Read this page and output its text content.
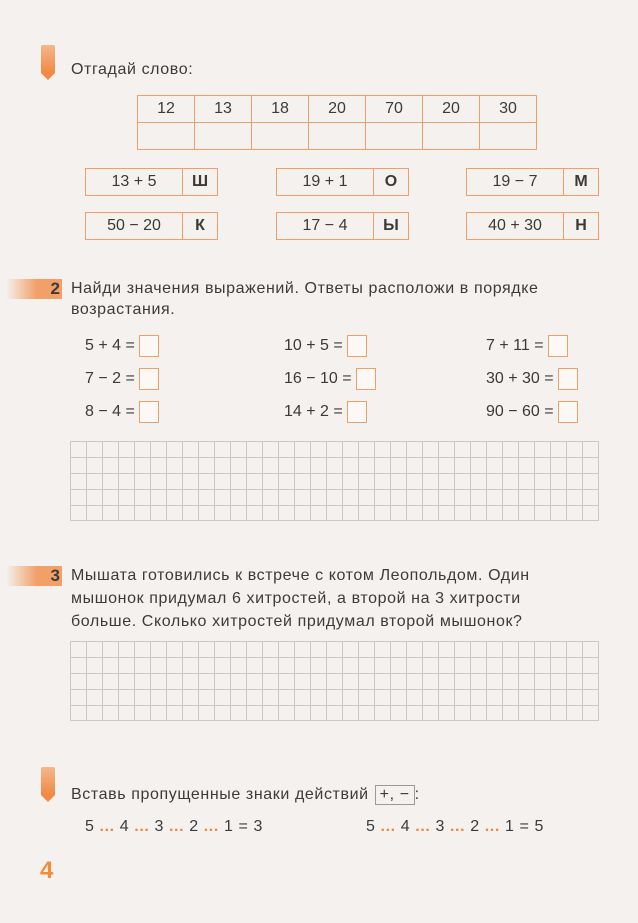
Отгадай слово:
12	13	18	20	70	20	30

13 + 5	Ш	19 + 1	О	19 − 7	М
50 − 20	К	17 − 4	Ы	40 + 30	Н
2 Найди значения выражений. Ответы расположи в порядке
возрастания.
5 + 4 =	10 + 5 =	7 + 11 =
7 − 2 =	16 − 10 =	30 + 30 =
8 − 4 =	14 + 2 =	90 − 60 =
3 Мышата готовились к встрече с котом Леопольдом. Один
мышонок придумал 6 хитростей, а второй на 3 хитрости
больше. Сколько хитростей придумал второй мышонок?
Вставь пропущенные знаки действий +, − :
5 ... 4 ... 3 ... 2 ... 1 = 3	5 ... 4 ... 3 ... 2 ... 1 = 5
4
